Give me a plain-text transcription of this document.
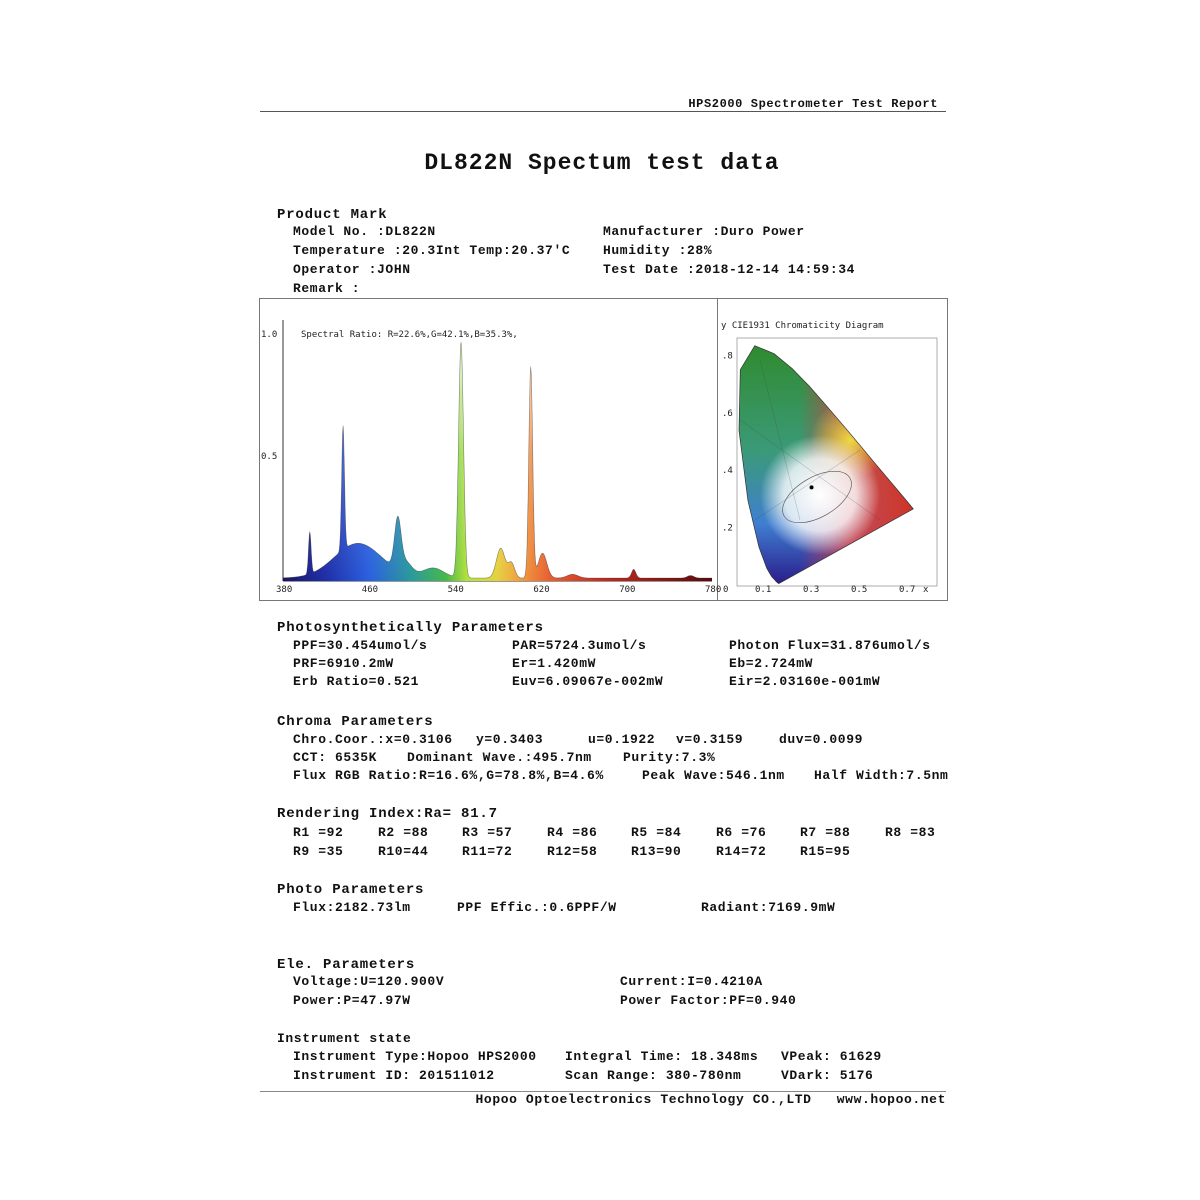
HPS2000 Spectrometer Test Report
DL822N Spectum test data
Product Mark
Model No. :DL822N	Manufacturer :Duro Power
Temperature :20.3Int Temp:20.37'C	Humidity :28%
Operator :JOHN	Test Date :2018-12-14 14:59:34
Remark :
Spectral Ratio: R=22.6%,G=42.1%,B=35.3%,
1.0
0.5
380	460	540	620	700	780
y CIE1931 Chromaticity Diagram
0	0.1	0.3	0.5	0.7 x
.2
.4
.6
.8
Photosynthetically Parameters
PPF=30.454umol/s	PAR=5724.3umol/s	Photon Flux=31.876umol/s
PRF=6910.2mW	Er=1.420mW	Eb=2.724mW
Erb Ratio=0.521	Euv=6.09067e-002mW	Eir=2.03160e-001mW
Chroma Parameters
Chro.Coor.:x=0.3106 y=0.3403	u=0.1922 v=0.3159	duv=0.0099
CCT: 6535K Dominant Wave.:495.7nm Purity:7.3%
Flux RGB Ratio:R=16.6%,G=78.8%,B=4.6%	Peak Wave:546.1nm Half Width:7.5nm
Rendering Index:Ra= 81.7
R1 =92	R2 =88	R3 =57	R4 =86	R5 =84	R6 =76	R7 =88	R8 =83
R9 =35	R10=44	R11=72	R12=58	R13=90	R14=72	R15=95
Photo Parameters
Flux:2182.73lm	PPF Effic.:0.6PPF/W	Radiant:7169.9mW
Ele. Parameters
Voltage:U=120.900V	Current:I=0.4210A
Power:P=47.97W	Power Factor:PF=0.940
Instrument state
Instrument Type:Hopoo HPS2000 Integral Time: 18.348ms VPeak: 61629
Instrument ID: 201511012	Scan Range: 380-780nm	VDark: 5176
Hopoo Optoelectronics Technology CO.,LTD   www.hopoo.net
